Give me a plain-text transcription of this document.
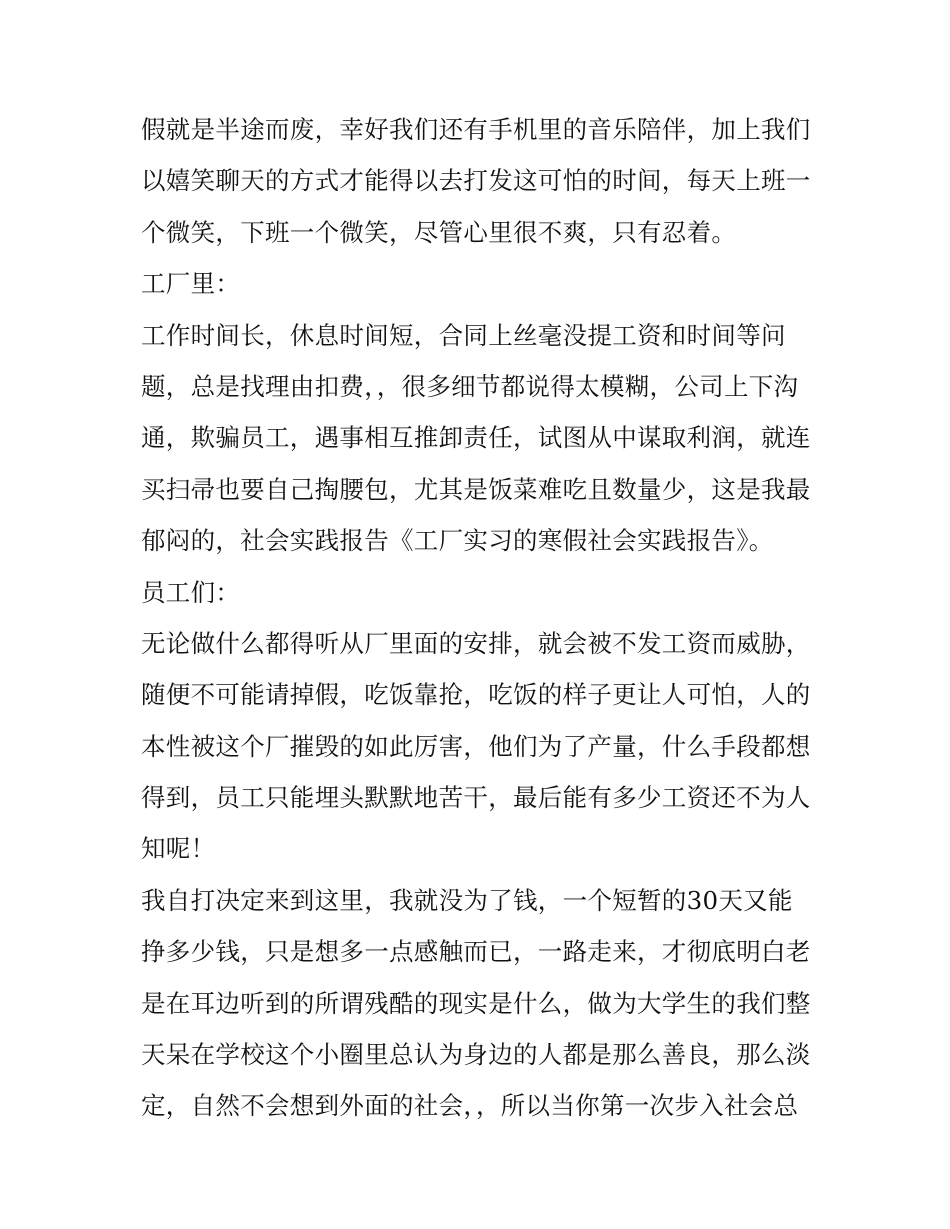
假就是半途而废，幸好我们还有手机里的音乐陪伴，加上我们
以嬉笑聊天的方式才能得以去打发这可怕的时间，每天上班一
个微笑，下班一个微笑，尽管心里很不爽，只有忍着。
工厂里：
工作时间长，休息时间短，合同上丝毫没提工资和时间等问
题，总是找理由扣费，，很多细节都说得太模糊，公司上下沟
通，欺骗员工，遇事相互推卸责任，试图从中谋取利润，就连
买扫帚也要自己掏腰包，尤其是饭菜难吃且数量少，这是我最
郁闷的，社会实践报告《工厂实习的寒假社会实践报告》。
员工们：
无论做什么都得听从厂里面的安排，就会被不发工资而威胁，
随便不可能请掉假，吃饭靠抢，吃饭的样子更让人可怕，人的
本性被这个厂摧毁的如此厉害，他们为了产量，什么手段都想
得到，员工只能埋头默默地苦干，最后能有多少工资还不为人
知呢！
我自打决定来到这里，我就没为了钱，一个短暂的30天又能
挣多少钱，只是想多一点感触而已，一路走来，才彻底明白老
是在耳边听到的所谓残酷的现实是什么，做为大学生的我们整
天呆在学校这个小圈里总认为身边的人都是那么善良，那么淡
定，自然不会想到外面的社会，，所以当你第一次步入社会总
